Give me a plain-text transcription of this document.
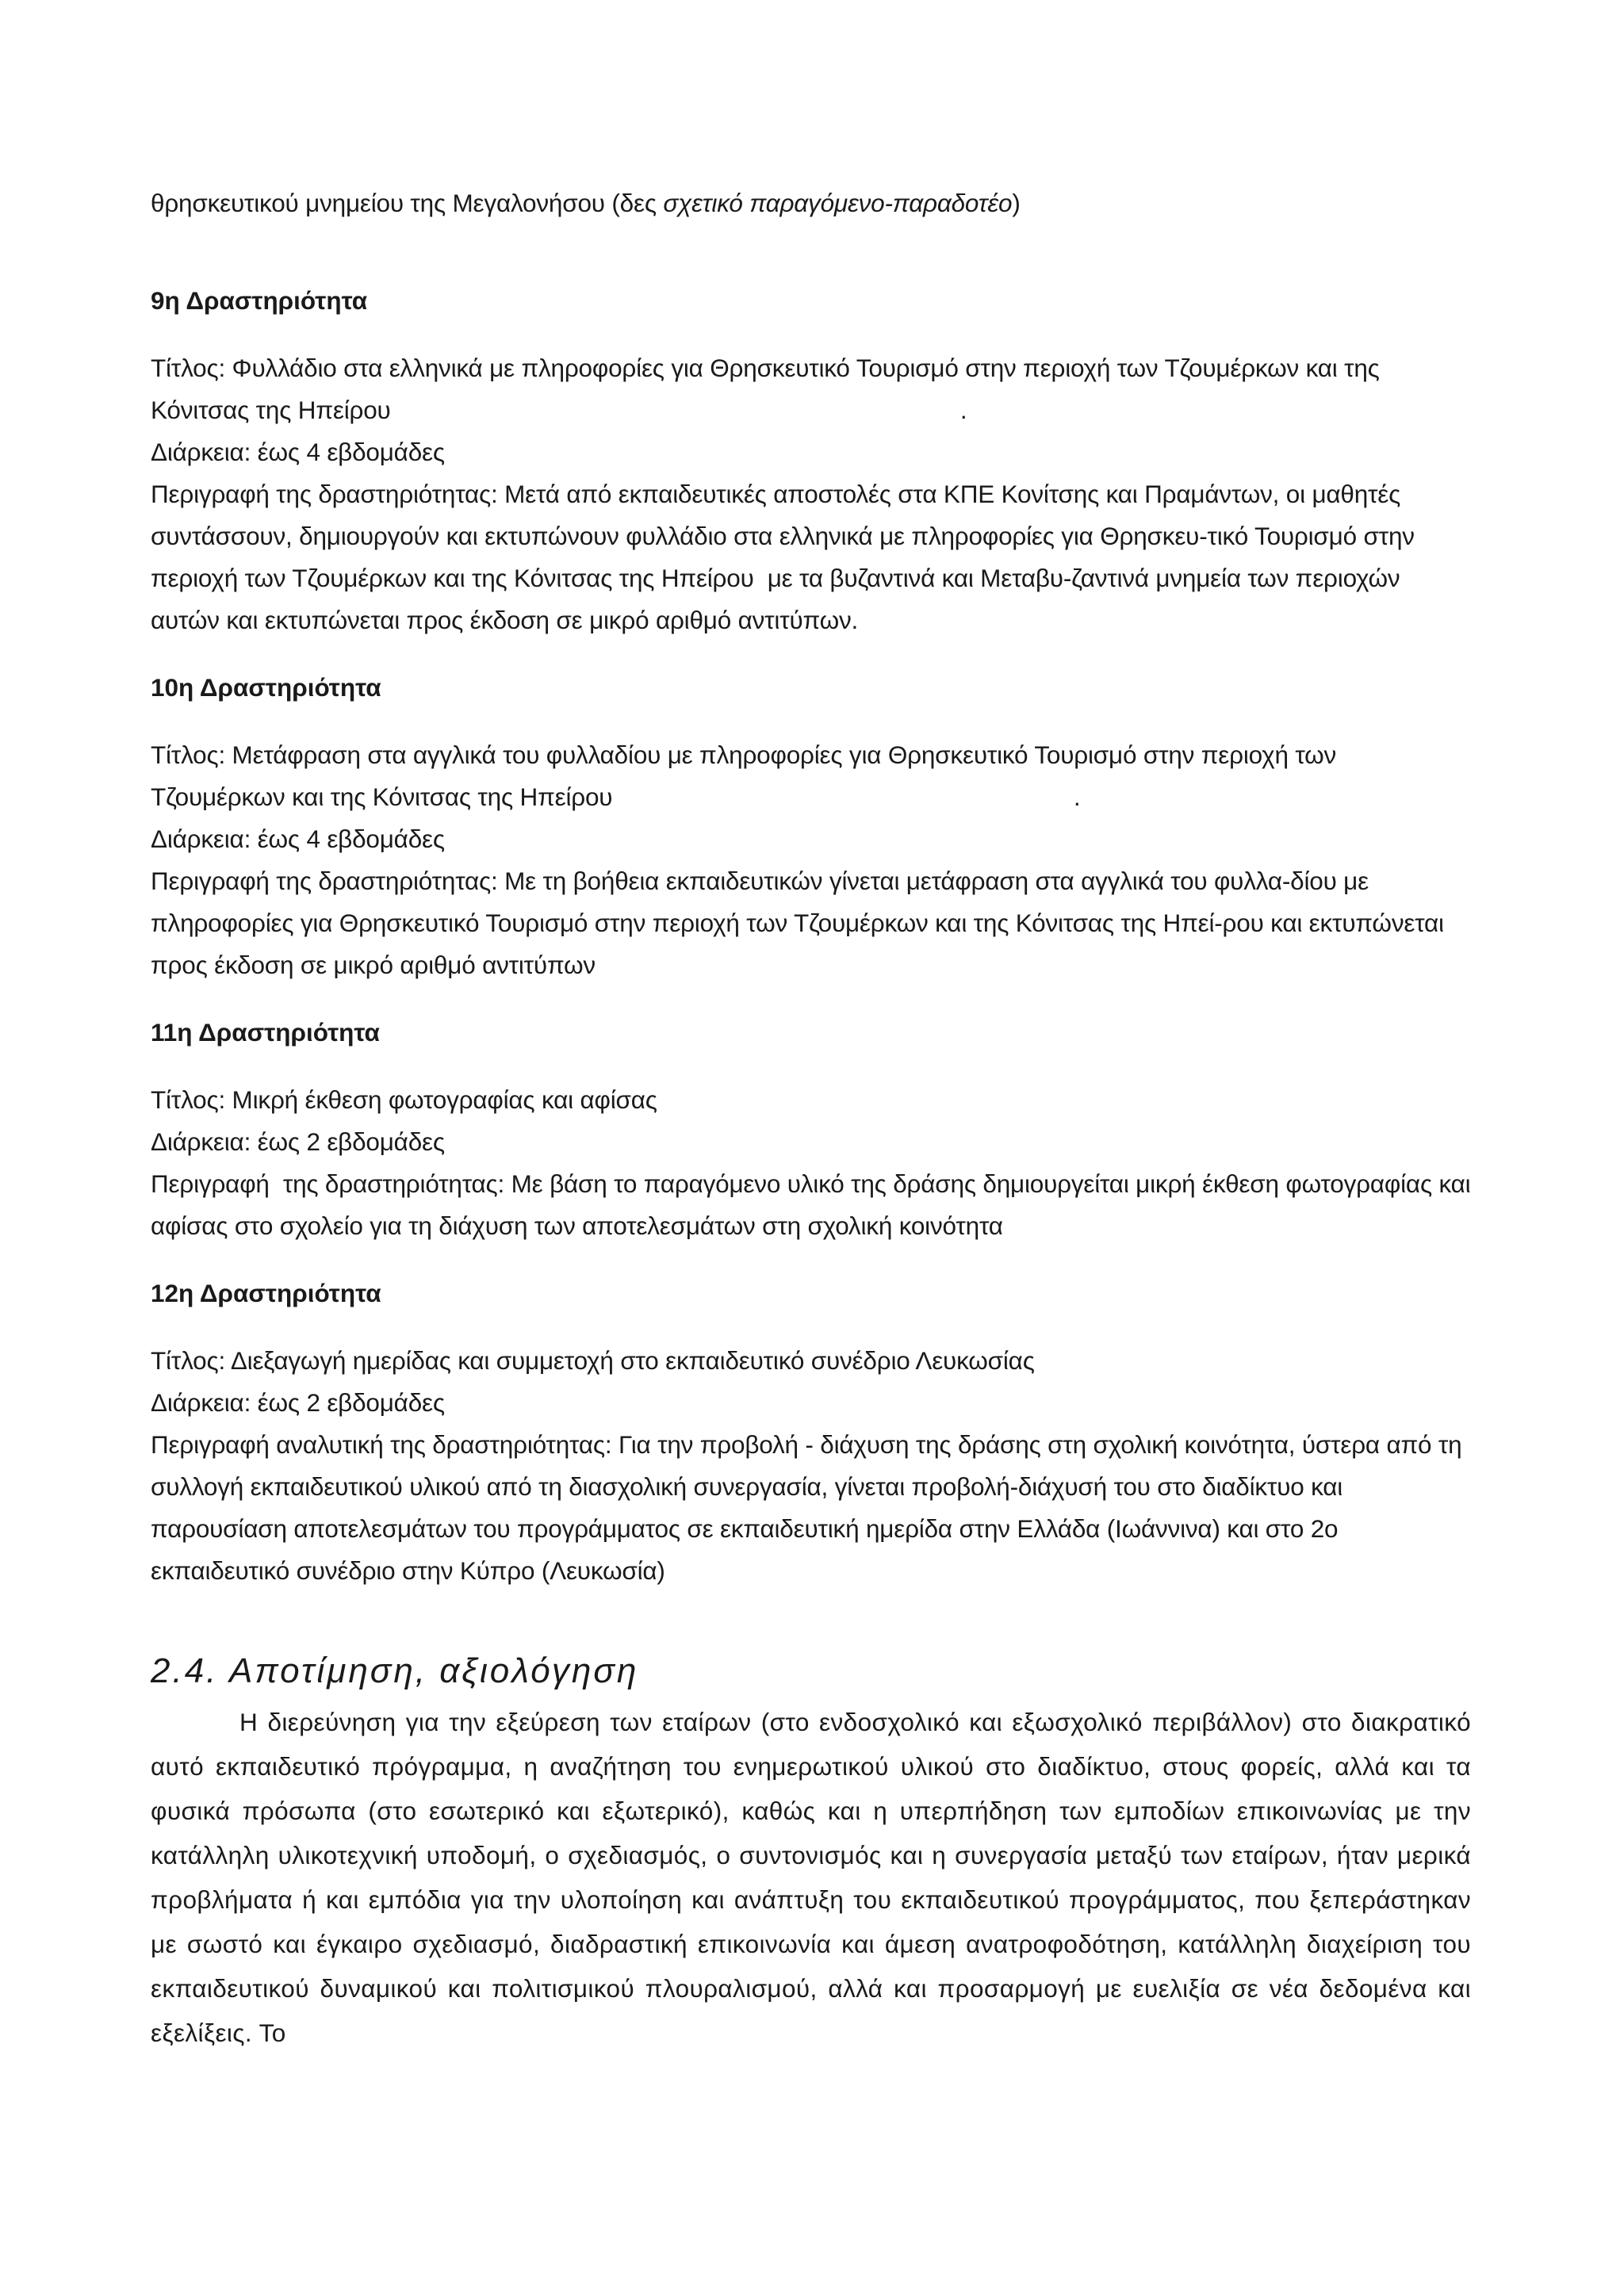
θρησκευτικού μνημείου της Μεγαλονήσου (δες σχετικό παραγόμενο-παραδοτέο)

9η Δραστηριότητα

Τίτλος: Φυλλάδιο στα ελληνικά με πληροφορίες για Θρησκευτικό Τουρισμό στην περιοχή των Τζουμέρκων και της Κόνιτσας της Ηπείρου                                                                                    .

Διάρκεια: έως 4 εβδομάδες

Περιγραφή της δραστηριότητας: Μετά από εκπαιδευτικές αποστολές στα ΚΠΕ Κονίτσης και Πραμάντων, οι μαθητές συντάσσουν, δημιουργούν και εκτυπώνουν φυλλάδιο στα ελληνικά με πληροφορίες για Θρησκευ-τικό Τουρισμό στην περιοχή των Τζουμέρκων και της Κόνιτσας της Ηπείρου  με τα βυζαντινά και Μεταβυ-ζαντινά μνημεία των περιοχών αυτών και εκτυπώνεται προς έκδοση σε μικρό αριθμό αντιτύπων.

10η Δραστηριότητα

Τίτλος: Μετάφραση στα αγγλικά του φυλλαδίου με πληροφορίες για Θρησκευτικό Τουρισμό στην περιοχή των Τζουμέρκων και της Κόνιτσας της Ηπείρου                                                                    .

Διάρκεια: έως 4 εβδομάδες

Περιγραφή της δραστηριότητας: Με τη βοήθεια εκπαιδευτικών γίνεται μετάφραση στα αγγλικά του φυλλα-δίου με πληροφορίες για Θρησκευτικό Τουρισμό στην περιοχή των Τζουμέρκων και της Κόνιτσας της Ηπεί-ρου και εκτυπώνεται προς έκδοση σε μικρό αριθμό αντιτύπων

11η Δραστηριότητα

Τίτλος: Μικρή έκθεση φωτογραφίας και αφίσας

Διάρκεια: έως 2 εβδομάδες

Περιγραφή  της δραστηριότητας: Με βάση το παραγόμενο υλικό της δράσης δημιουργείται μικρή έκθεση φωτογραφίας και αφίσας στο σχολείο για τη διάχυση των αποτελεσμάτων στη σχολική κοινότητα

12η Δραστηριότητα

Τίτλος: Διεξαγωγή ημερίδας και συμμετοχή στο εκπαιδευτικό συνέδριο Λευκωσίας

Διάρκεια: έως 2 εβδομάδες

Περιγραφή αναλυτική της δραστηριότητας: Για την προβολή - διάχυση της δράσης στη σχολική κοινότητα, ύστερα από τη συλλογή εκπαιδευτικού υλικού από τη διασχολική συνεργασία, γίνεται προβολή-διάχυσή του στο διαδίκτυο και παρουσίαση αποτελεσμάτων του προγράμματος σε εκπαιδευτική ημερίδα στην Ελλάδα (Ιωάννινα) και στο 2ο εκπαιδευτικό συνέδριο στην Κύπρο (Λευκωσία)

2.4. Αποτίμηση, αξιολόγηση

Η διερεύνηση για την εξεύρεση των εταίρων (στο ενδοσχολικό και εξωσχολικό περιβάλλον) στο διακρατικό αυτό εκπαιδευτικό πρόγραμμα, η αναζήτηση του ενημερωτικού υλικού στο διαδίκτυο, στους φορείς, αλλά και τα φυσικά πρόσωπα (στο εσωτερικό και εξωτερικό), καθώς και η υπερπήδηση των εμποδίων επικοινωνίας με την κατάλληλη υλικοτεχνική υποδομή, ο σχεδιασμός, ο συντονισμός και η συνεργασία μεταξύ των εταίρων, ήταν μερικά προβλήματα ή και εμπόδια για την υλοποίηση και ανάπτυξη του εκπαιδευτικού προγράμματος, που ξεπεράστηκαν με σωστό και έγκαιρο σχεδιασμό, διαδραστική επικοινωνία και άμεση ανατροφοδότηση, κατάλληλη διαχείριση του εκπαιδευτικού δυναμικού και πολιτισμικού πλουραλισμού, αλλά και προσαρμογή με ευελιξία σε νέα δεδομένα και εξελίξεις. Το
